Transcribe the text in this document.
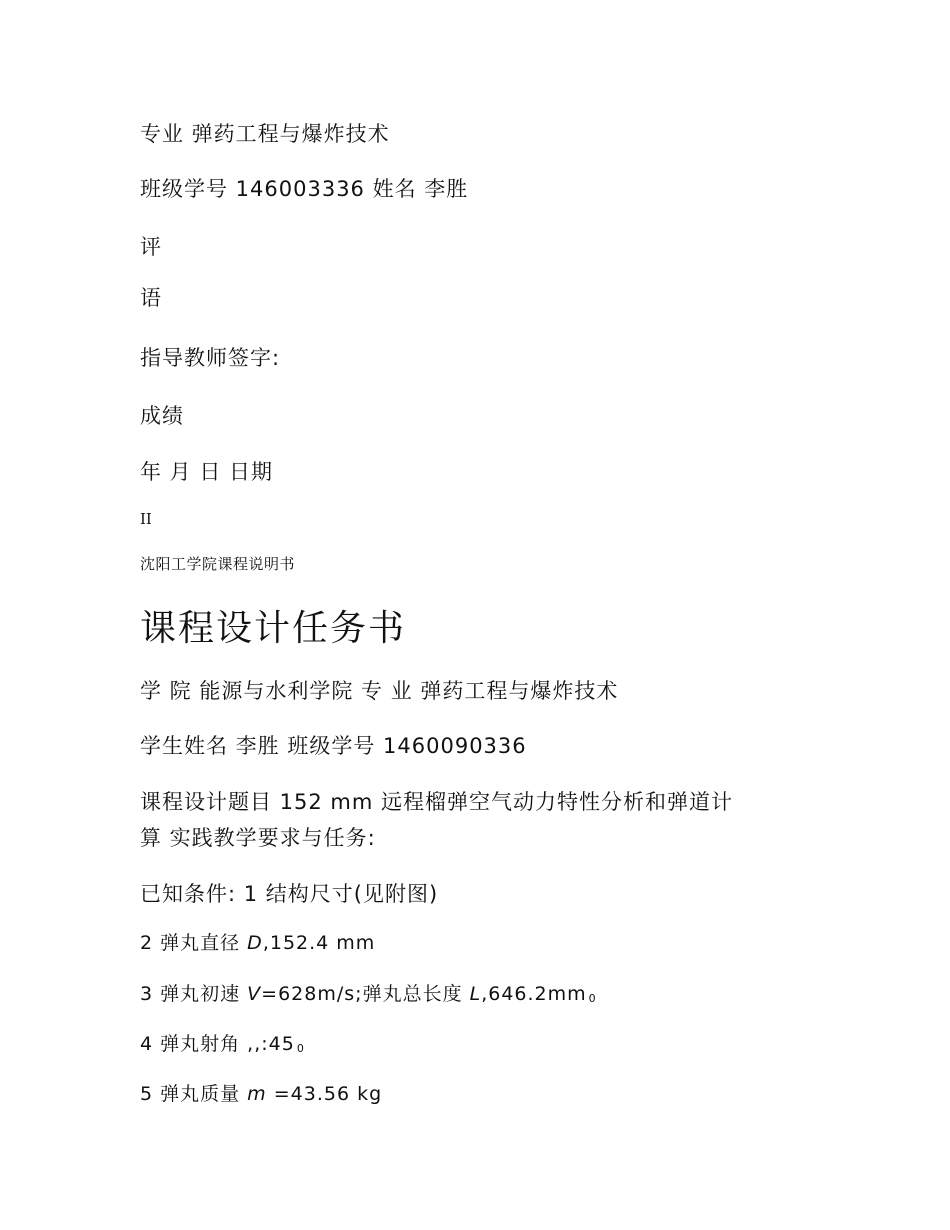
专业 弹药工程与爆炸技术
班级学号 146003336 姓名 李胜
评
语
指导教师签字:
成绩
年 月 日 日期
II
沈阳工学院课程说明书
课程设计任务书
学 院 能源与水利学院 专 业 弹药工程与爆炸技术
学生姓名 李胜 班级学号 1460090336
课程设计题目 152 mm 远程榴弹空气动力特性分析和弹道计
算 实践教学要求与任务:
已知条件: 1 结构尺寸(见附图)
2 弹丸直径 D,152.4 mm
3 弹丸初速 V=628m/s;弹丸总长度 L,646.2mm 0
4 弹丸射角 ,,:45 0
5 弹丸质量 m =43.56 kg
